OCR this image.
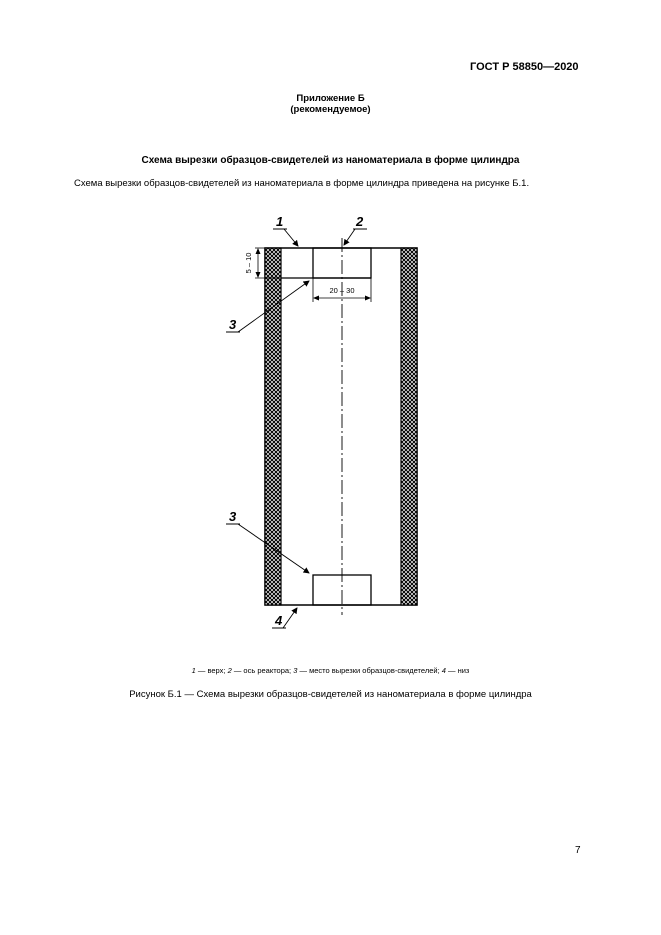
ГОСТ Р 58850—2020
Приложение Б
(рекомендуемое)
Схема вырезки образцов-свидетелей из наноматериала в форме цилиндра
Схема вырезки образцов-свидетелей из наноматериала в форме цилиндра приведена на рисунке Б.1.
5 – 10
20 – 30
1	2
3
3
4
1 — верх; 2 — ось реактора; 3 — место вырезки образцов-свидетелей; 4 — низ
Рисунок Б.1 — Схема вырезки образцов-свидетелей из наноматериала в форме цилиндра
7
